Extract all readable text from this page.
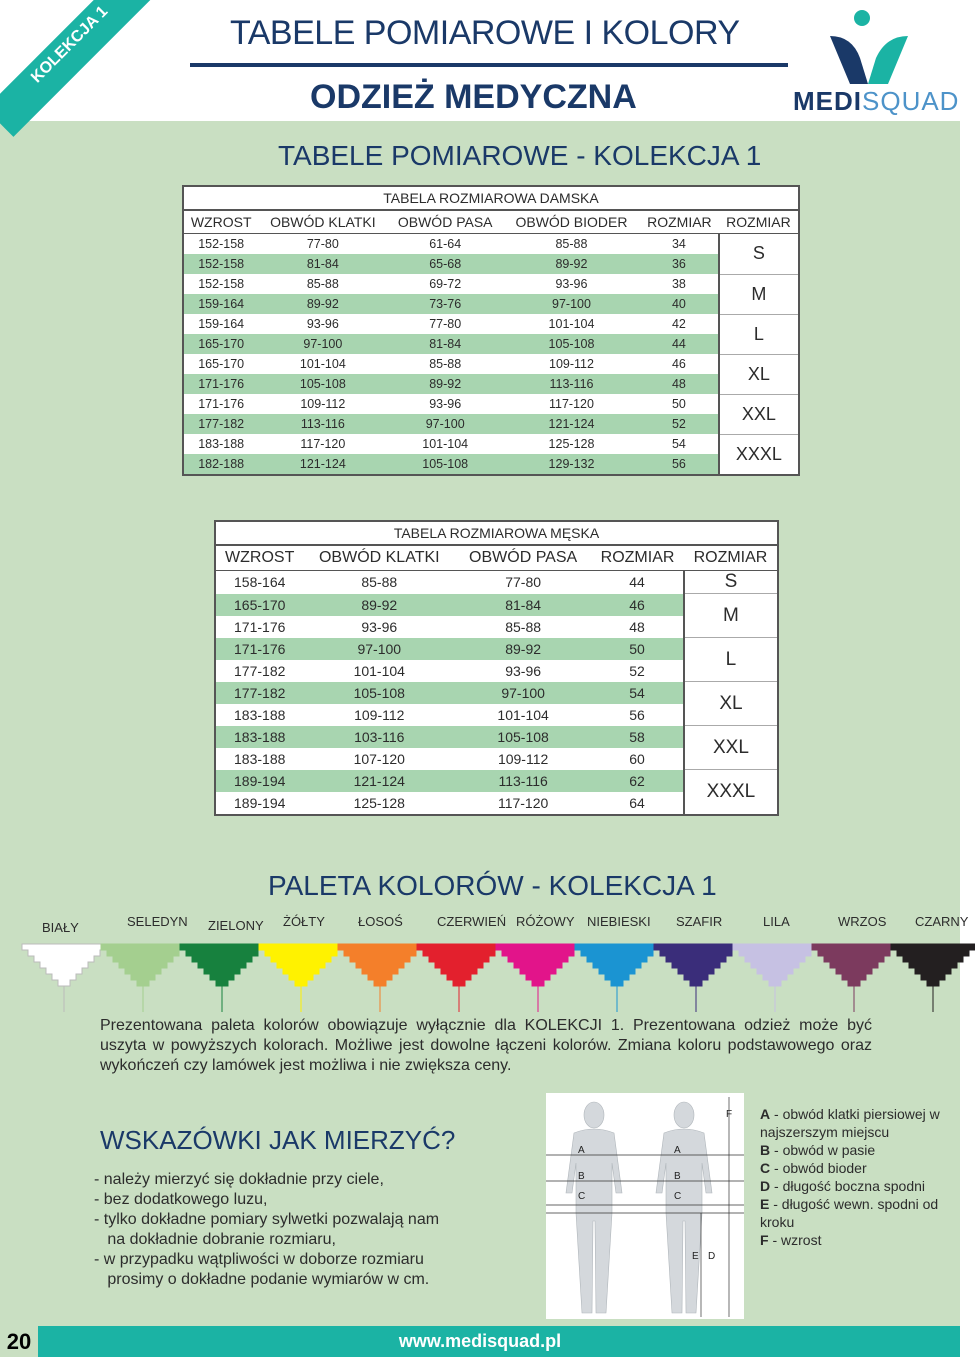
KOLEKCJA 1	TABELE POMIAROWE I KOLORY
ODZIEŻ MEDYCZNA	MEDISQUAD
TABELE POMIAROWE - KOLEKCJA 1
TABELA ROZMIAROWA DAMSKA
WZROST	OBWÓD KLATKI	OBWÓD PASA	OBWÓD BIODER	ROZMIAR	ROZMIAR
152-158	77-80	61-64	85-88	34	S
152-158	81-84	65-68	89-92	36	
152-158	85-88	69-72	93-96	38	M
159-164	89-92	73-76	97-100	40	
159-164	93-96	77-80	101-104	42	L
165-170	97-100	81-84	105-108	44	
165-170	101-104	85-88	109-112	46	XL
171-176	105-108	89-92	113-116	48	
171-176	109-112	93-96	117-120	50	XXL
177-182	113-116	97-100	121-124	52	
183-188	117-120	101-104	125-128	54	XXXL
182-188	121-124	105-108	129-132	56	
TABELA ROZMIAROWA MĘSKA
WZROST	OBWÓD KLATKI	OBWÓD PASA	ROZMIAR	ROZMIAR
158-164	85-88	77-80	44	S
165-170	89-92	81-84	46	M
171-176	93-96	85-88	48	
171-176	97-100	89-92	50	L
177-182	101-104	93-96	52	
177-182	105-108	97-100	54	XL
183-188	109-112	101-104	56	
183-188	103-116	105-108	58	XXL
183-188	107-120	109-112	60	
189-194	121-124	113-116	62	XXXL
189-194	125-128	117-120	64	
PALETA KOLORÓW - KOLEKCJA 1
BIAŁY	SELEDYN ZIELONY ŻÓŁTY	ŁOSOŚ	CZERWIEŃ RÓŻOWY NIEBIESKI SZAFIR	LILA	WRZOS CZARNY
Prezentowana paleta kolorów obowiązuje wyłącznie dla KOLEKCJI 1. Prezentowana odzież może być uszyta w powyższych kolorach. Możliwe jest dowolne łączeni kolorów. Zmiana koloru podstawowego oraz wykończeń czy lamówek jest możliwa i nie zwiększa ceny.
WSKAZÓWKI JAK MIERZYĆ?
- należy mierzyć się dokładnie przy ciele,
- bez dodatkowego luzu,
- tylko dokładne pomiary sylwetki pozwalają nam
na dokładnie dobranie rozmiaru,
- w przypadku wątpliwości w doborze rozmiaru
prosimy o dokładne podanie wymiarów w cm.
A
B
C
A
B
C
E D
F A - obwód klatki piersiowej w najszerszym miejscu
B - obwód w pasie
C - obwód bioder
D - długość boczna spodni
E - długość wewn. spodni od kroku
F - wzrost
20	www.medisquad.pl
